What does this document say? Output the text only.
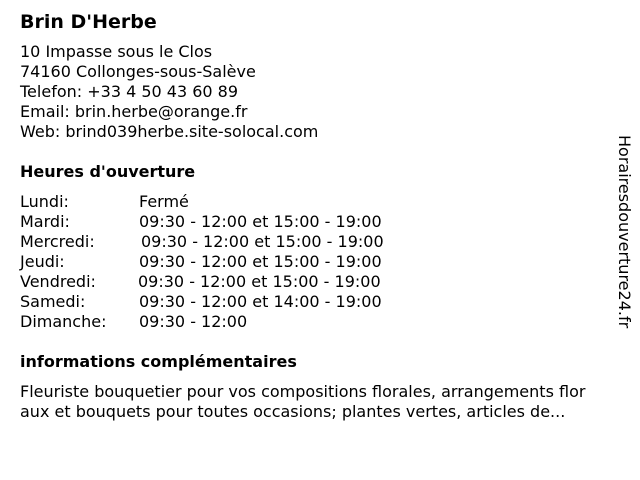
Brin D'Herbe
10 Impasse sous le Clos
74160 Collonges-sous-Salève
Telefon: +33 4 50 43 60 89
Email: brin.herbe@orange.fr
Web: brind039herbe.site-solocal.com
Heures d'ouverture
Lundi:	Fermé
Mardi:	09:30 - 12:00 et 15:00 - 19:00
Mercredi:	09:30 - 12:00 et 15:00 - 19:00
Jeudi:	09:30 - 12:00 et 15:00 - 19:00
Vendredi:	09:30 - 12:00 et 15:00 - 19:00
Samedi:	09:30 - 12:00 et 14:00 - 19:00
Dimanche: 09:30 - 12:00
informations complémentaires
Fleuriste bouquetier pour vos compositions florales, arrangements flor
aux et bouquets pour toutes occasions; plantes vertes, articles de...
Horairesdouverture24.fr
